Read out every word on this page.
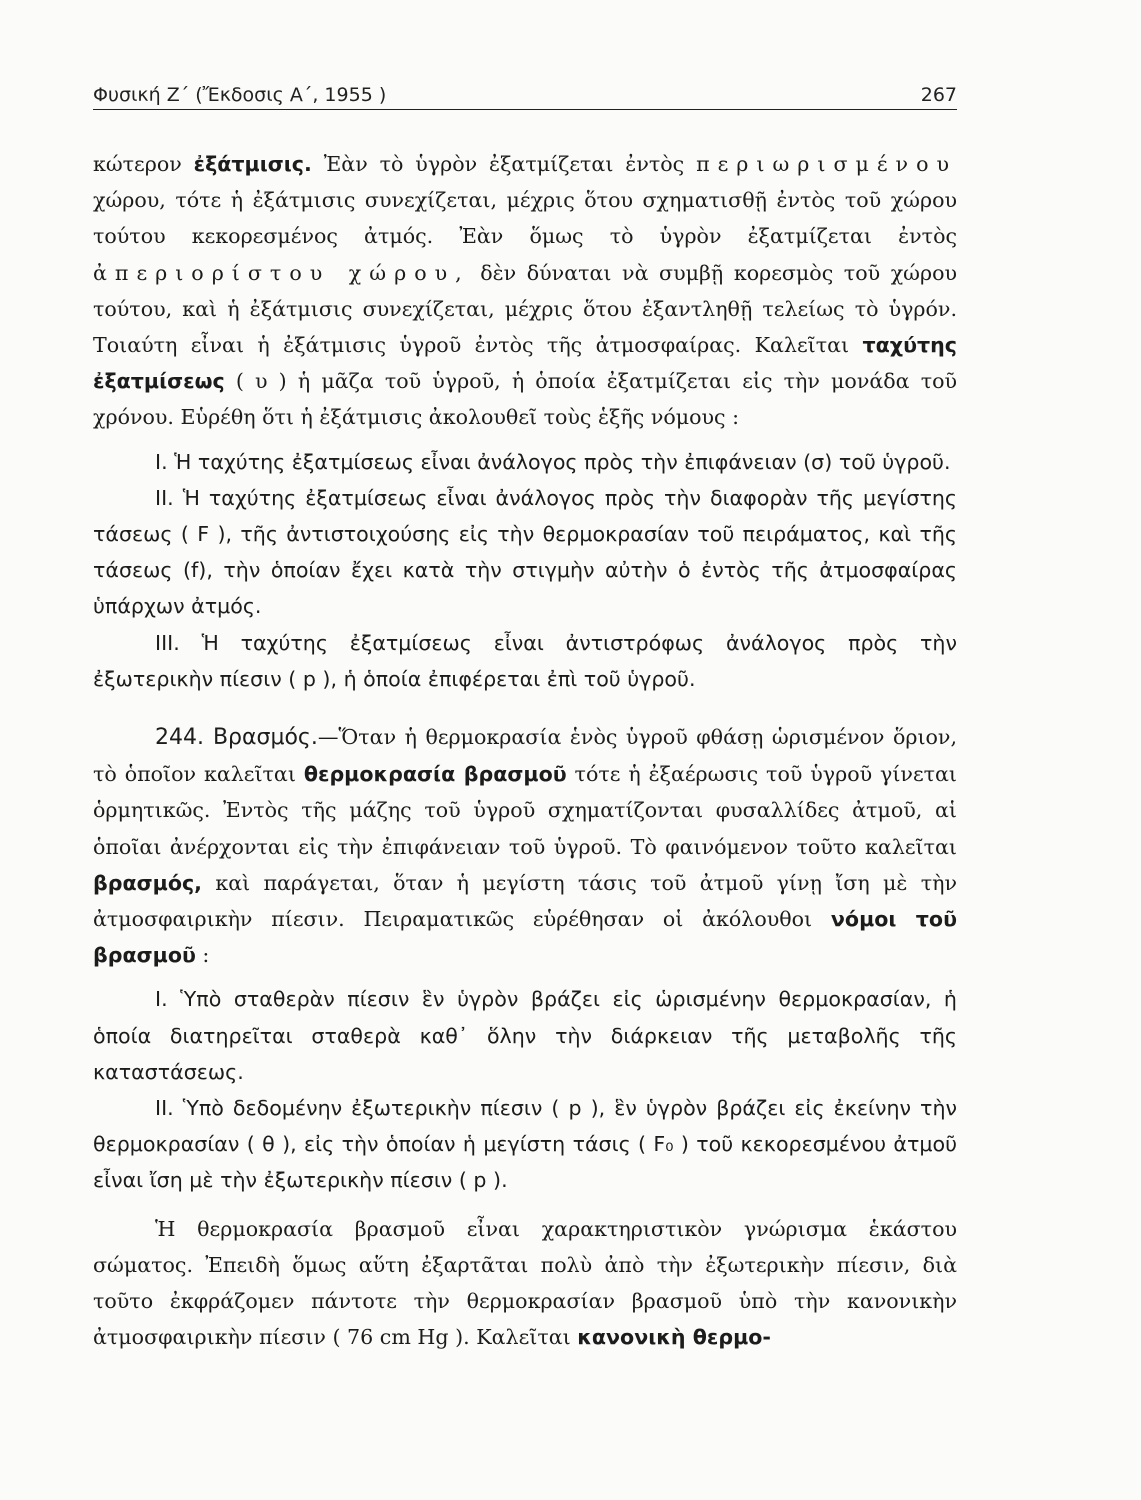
Φυσική Ζ΄ (Ἔκδοσις Α΄, 1955 )	267

κώτερον ἐξάτμισις. Ἐὰν τὸ ὑγρὸν ἐξατμίζεται ἐντὸς περιωρισμένου χώρου, τότε ἡ ἐξάτμισις συνεχίζεται, μέχρις ὅτου σχηματισθῇ ἐντὸς τοῦ χώρου τούτου κεκορεσμένος ἀτμός. Ἐὰν ὅμως τὸ ὑγρὸν ἐξατμίζεται ἐντὸς ἀπεριορίστου χώρου, δὲν δύναται νὰ συμβῇ κορεσμὸς τοῦ χώρου τούτου, καὶ ἡ ἐξάτμισις συνεχίζεται, μέχρις ὅτου ἐξαντληθῇ τελείως τὸ ὑγρόν. Τοιαύτη εἶναι ἡ ἐξάτμισις ὑγροῦ ἐντὸς τῆς ἀτμοσφαίρας. Καλεῖται ταχύτης ἐξατμίσεως ( υ ) ἡ μᾶζα τοῦ ὑγροῦ, ἡ ὁποία ἐξατμίζεται εἰς τὴν μονάδα τοῦ χρόνου. Εὑρέθη ὅτι ἡ ἐξάτμισις ἀκολουθεῖ τοὺς ἑξῆς νόμους :

I. Ἡ ταχύτης ἐξατμίσεως εἶναι ἀνάλογος πρὸς τὴν ἐπιφάνειαν (σ) τοῦ ὑγροῦ.

II. Ἡ ταχύτης ἐξατμίσεως εἶναι ἀνάλογος πρὸς τὴν διαφορὰν τῆς μεγίστης τάσεως ( F ), τῆς ἀντιστοιχούσης εἰς τὴν θερμοκρασίαν τοῦ πειράματος, καὶ τῆς τάσεως (f), τὴν ὁποίαν ἔχει κατὰ τὴν στιγμὴν αὐτὴν ὁ ἐντὸς τῆς ἀτμοσφαίρας ὑπάρχων ἀτμός.

III. Ἡ ταχύτης ἐξατμίσεως εἶναι ἀντιστρόφως ἀνάλογος πρὸς τὴν ἐξωτερικὴν πίεσιν ( p ), ἡ ὁποία ἐπιφέρεται ἐπὶ τοῦ ὑγροῦ.

244. Βρασμός.—Ὅταν ἡ θερμοκρασία ἑνὸς ὑγροῦ φθάσῃ ὡρισμένον ὅριον, τὸ ὁποῖον καλεῖται θερμοκρασία βρασμοῦ τότε ἡ ἐξαέρωσις τοῦ ὑγροῦ γίνεται ὁρμητικῶς. Ἐντὸς τῆς μάζης τοῦ ὑγροῦ σχηματίζονται φυσαλλίδες ἀτμοῦ, αἱ ὁποῖαι ἀνέρχονται εἰς τὴν ἐπιφάνειαν τοῦ ὑγροῦ. Τὸ φαινόμενον τοῦτο καλεῖται βρασμός, καὶ παράγεται, ὅταν ἡ μεγίστη τάσις τοῦ ἀτμοῦ γίνῃ ἴση μὲ τὴν ἀτμοσφαιρικὴν πίεσιν. Πειραματικῶς εὑρέθησαν οἱ ἀκόλουθοι νόμοι τοῦ βρασμοῦ :

I. Ὑπὸ σταθερὰν πίεσιν ἓν ὑγρὸν βράζει εἰς ὡρισμένην θερμοκρασίαν, ἡ ὁποία διατηρεῖται σταθερὰ καθ᾽ ὅλην τὴν διάρκειαν τῆς μεταβολῆς τῆς καταστάσεως.

II. Ὑπὸ δεδομένην ἐξωτερικὴν πίεσιν ( p ), ἓν ὑγρὸν βράζει εἰς ἐκείνην τὴν θερμοκρασίαν ( θ ), εἰς τὴν ὁποίαν ἡ μεγίστη τάσις ( F₀ ) τοῦ κεκορεσμένου ἀτμοῦ εἶναι ἴση μὲ τὴν ἐξωτερικὴν πίεσιν ( p ).

Ἡ θερμοκρασία βρασμοῦ εἶναι χαρακτηριστικὸν γνώρισμα ἑκάστου σώματος. Ἐπειδὴ ὅμως αὕτη ἐξαρτᾶται πολὺ ἀπὸ τὴν ἐξωτερικὴν πίεσιν, διὰ τοῦτο ἐκφράζομεν πάντοτε τὴν θερμοκρασίαν βρασμοῦ ὑπὸ τὴν κανονικὴν ἀτμοσφαιρικὴν πίεσιν ( 76 cm Hg ). Καλεῖται κανονικὴ θερμο-
